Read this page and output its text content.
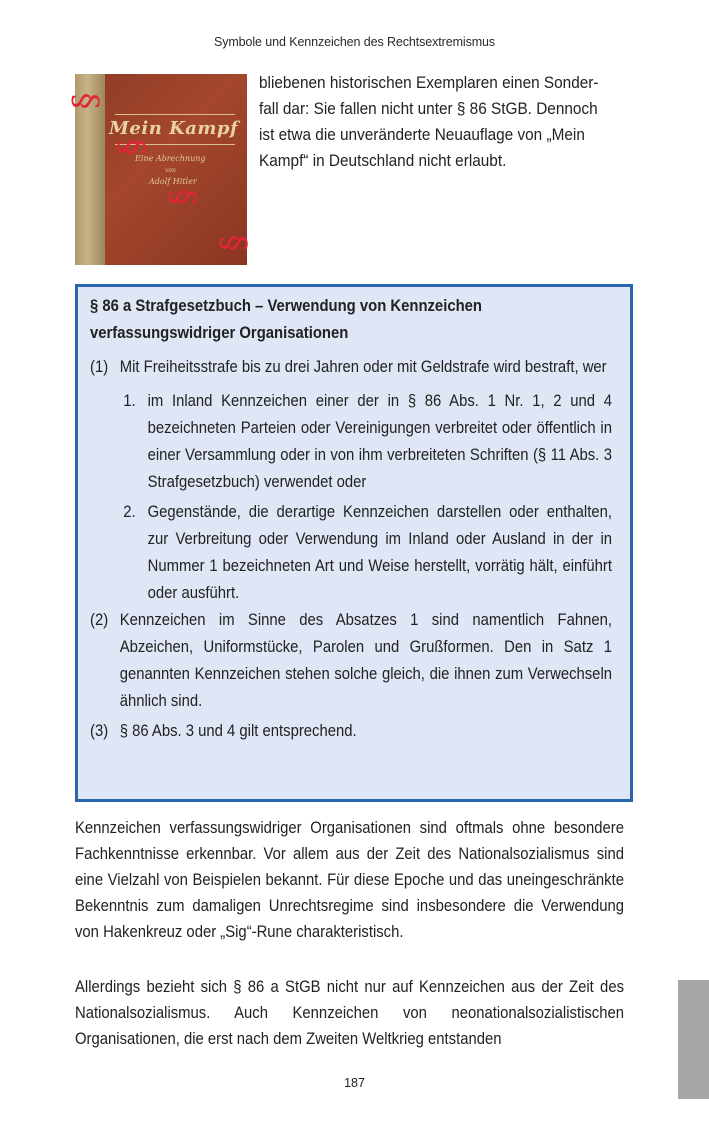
Symbole und Kennzeichen des Rechtsextremismus
Mein Kampf
Eine Abrechnung
von
Adolf Hitler
§
§
§
§

bliebenen historischen Exemplaren einen Sonder-

fall dar: Sie fallen nicht unter § 86 StGB. Dennoch

ist etwa die unveränderte Neuauflage von „Mein

Kampf“ in Deutschland nicht erlaubt.

§ 86 a Strafgesetzbuch – Verwendung von Kennzeichen verfassungswidriger Organisationen

(1) Mit Freiheitsstrafe bis zu drei Jahren oder mit Geldstrafe wird bestraft, wer
1. im Inland Kennzeichen einer der in § 86 Abs. 1 Nr. 1, 2 und 4 bezeichneten Parteien oder Vereinigungen verbreitet oder öffentlich in einer Versammlung oder in von ihm verbreiteten Schriften (§ 11 Abs. 3 Strafgesetzbuch) verwendet oder
2. Gegenstände, die derartige Kennzeichen darstellen oder enthalten, zur Verbreitung oder Verwendung im Inland oder Ausland in der in Nummer 1 bezeichneten Art und Weise herstellt, vorrätig hält, einführt oder ausführt.
(2) Kennzeichen im Sinne des Absatzes 1 sind namentlich Fahnen, Abzeichen, Uniformstücke, Parolen und Grußformen. Den in Satz 1 genannten Kennzeichen stehen solche gleich, die ihnen zum Verwechseln ähnlich sind.
(3) § 86 Abs. 3 und 4 gilt entsprechend.

Kennzeichen verfassungswidriger Organisationen sind oftmals ohne besondere Fachkenntnisse erkennbar. Vor allem aus der Zeit des Nationalsozialismus sind eine Vielzahl von Beispielen bekannt. Für diese Epoche und das uneingeschränkte Bekenntnis zum damaligen Unrechtsregime sind insbesondere die Verwendung von Hakenkreuz oder „Sig“-Rune charakteristisch.

Allerdings bezieht sich § 86 a StGB nicht nur auf Kennzeichen aus der Zeit des Nationalsozialismus. Auch Kennzeichen von neonationalsozialistischen Organisationen, die erst nach dem Zweiten Weltkrieg entstanden

187
